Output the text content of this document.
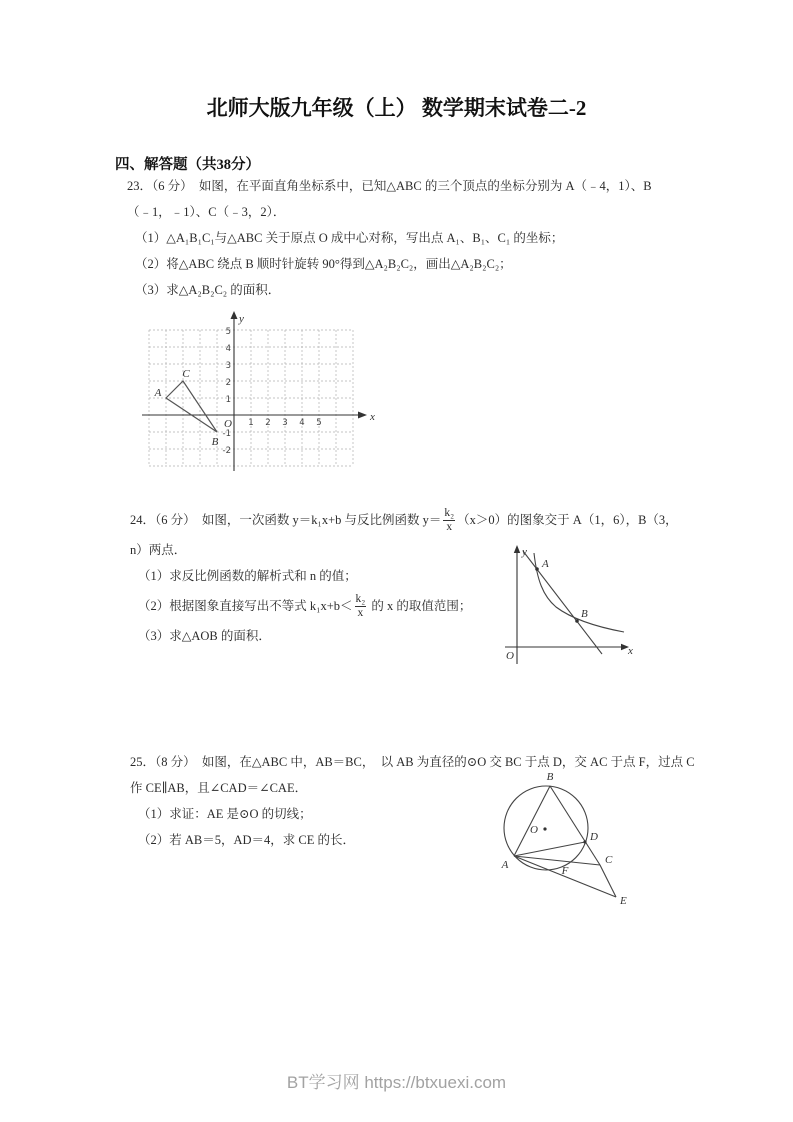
北师大版九年级（上） 数学期末试卷二-2
四、解答题（共38分）
23．（6 分）  如图，在平面直角坐标系中，已知△ABC 的三个顶点的坐标分别为 A（﹣4，1）、B
（﹣1，﹣1）、C（﹣3，2）．
（1）△A₁B₁C₁与△ABC 关于原点 O 成中心对称，写出点 A₁、B₁、C₁ 的坐标；
（2）将△ABC 绕点 B 顺时针旋转 90°得到△A₂B₂C₂，画出△A₂B₂C₂；
（3）求△A₂B₂C₂ 的面积．
y
x
O
A
C
B
5
4
3
2
1
-1
-2
1 2 3 4 5
24．（6 分）  如图，一次函数 y＝k₁x+b 与反比例函数 $y= \frac{\text{k₂}}{x} (x>0)$的图象交于 A（1，6），B（3，
n）两点．
（1）求反比例函数的解析式和 n 的值；
（2）根据图象直接写出不等式 $k_1x+b< \frac{\text{k₂}}{x}$ 的 x 的取值范围；
（3）求△AOB 的面积．
A
B
y
x
O
25．（8 分）  如图，在△ABC 中，AB＝BC，  以 AB 为直径的⊙O 交 BC 于点 D，交 AC 于点 F，过点 C
作 CE∥AB，且∠CAD＝∠CAE．
（1）求证：AE 是⊙O 的切线；
（2）若 AB＝5，AD＝4，求 CE 的长．
B
O
A	C
D
F
E
BT学习网 https://btxuexi.com
